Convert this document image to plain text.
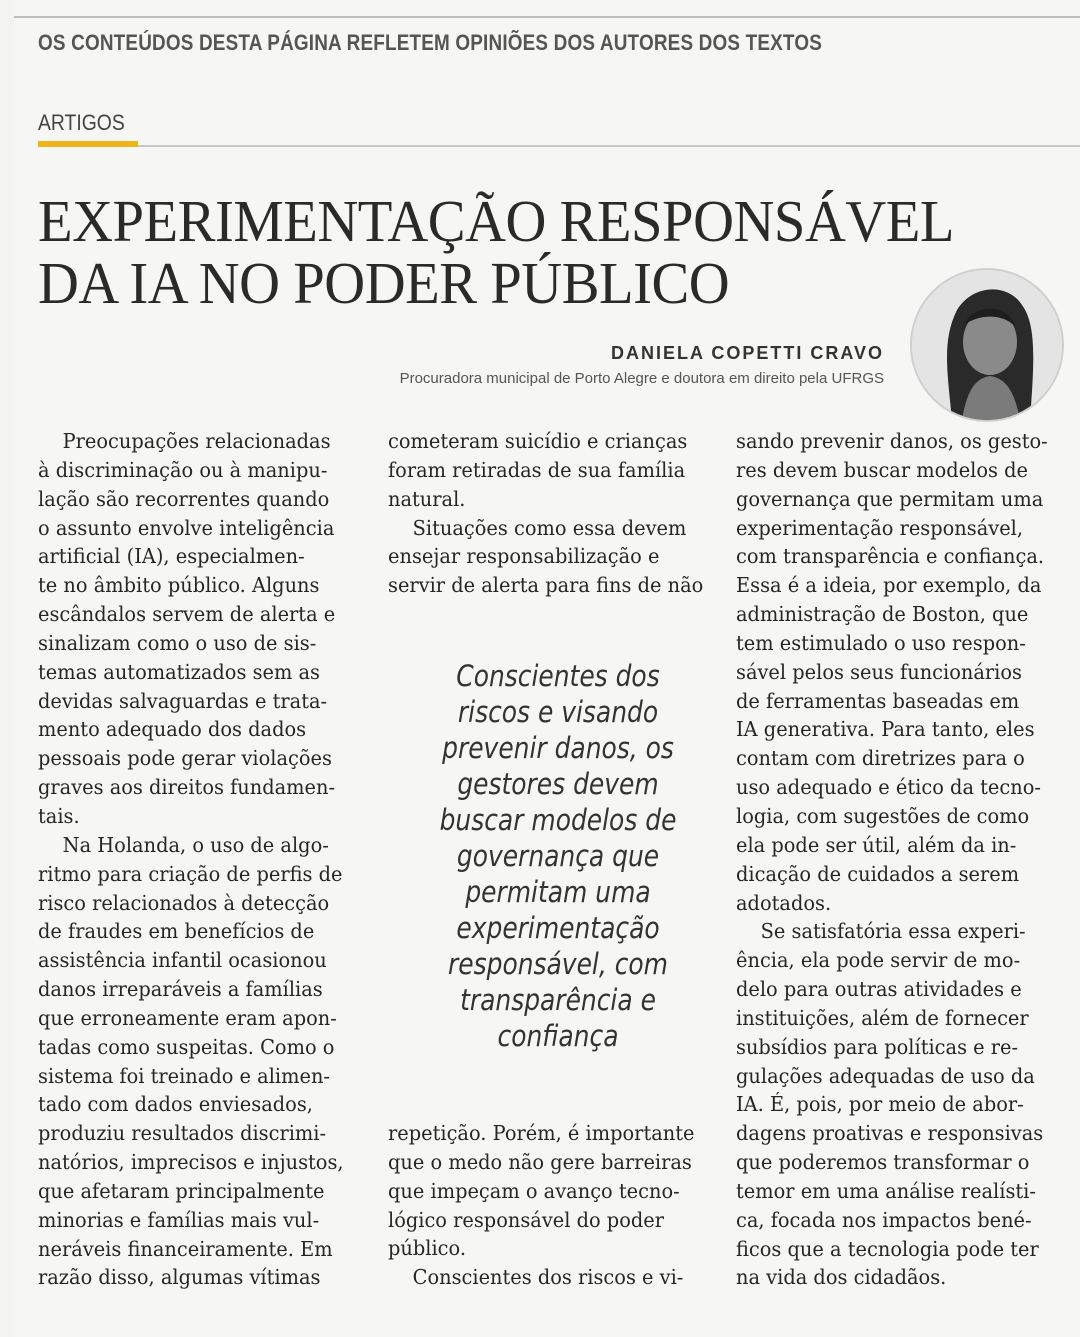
OS CONTEÚDOS DESTA PÁGINA REFLETEM OPINIÕES DOS AUTORES DOS TEXTOS
ARTIGOS
EXPERIMENTAÇÃO RESPONSÁVEL
DA IA NO PODER PÚBLICO
DANIELA COPETTI CRAVO
Procuradora municipal de Porto Alegre e doutora em direito pela UFRGS

Preocupações relacionadas

à discriminação ou à manipu-

lação são recorrentes quando

o assunto envolve inteligência

artificial (IA), especialmen-

te no âmbito público. Alguns

escândalos servem de alerta e

sinalizam como o uso de sis-

temas automatizados sem as

devidas salvaguardas e trata-

mento adequado dos dados

pessoais pode gerar violações

graves aos direitos fundamen-

tais.

Na Holanda, o uso de algo-

ritmo para criação de perfis de

risco relacionados à detecção

de fraudes em benefícios de

assistência infantil ocasionou

danos irreparáveis a famílias

que erroneamente eram apon-

tadas como suspeitas. Como o

sistema foi treinado e alimen-

tado com dados enviesados,

produziu resultados discrimi-

natórios, imprecisos e injustos,

que afetaram principalmente

minorias e famílias mais vul-

neráveis financeiramente. Em

razão disso, algumas vítimas

cometeram suicídio e crianças

foram retiradas de sua família

natural.

Situações como essa devem

ensejar responsabilização e

servir de alerta para fins de não

Conscientes dos
riscos e visando
prevenir danos, os
gestores devem
buscar modelos de
governança que
permitam uma
experimentação
responsável, com
transparência e
confiança

repetição. Porém, é importante

que o medo não gere barreiras

que impeçam o avanço tecno-

lógico responsável do poder

público.

Conscientes dos riscos e vi-

sando prevenir danos, os gesto-

res devem buscar modelos de

governança que permitam uma

experimentação responsável,

com transparência e confiança.

Essa é a ideia, por exemplo, da

administração de Boston, que

tem estimulado o uso respon-

sável pelos seus funcionários

de ferramentas baseadas em

IA generativa. Para tanto, eles

contam com diretrizes para o

uso adequado e ético da tecno-

logia, com sugestões de como

ela pode ser útil, além da in-

dicação de cuidados a serem

adotados.

Se satisfatória essa experi-

ência, ela pode servir de mo-

delo para outras atividades e

instituições, além de fornecer

subsídios para políticas e re-

gulações adequadas de uso da

IA. É, pois, por meio de abor-

dagens proativas e responsivas

que poderemos transformar o

temor em uma análise realísti-

ca, focada nos impactos bené-

ficos que a tecnologia pode ter

na vida dos cidadãos.
